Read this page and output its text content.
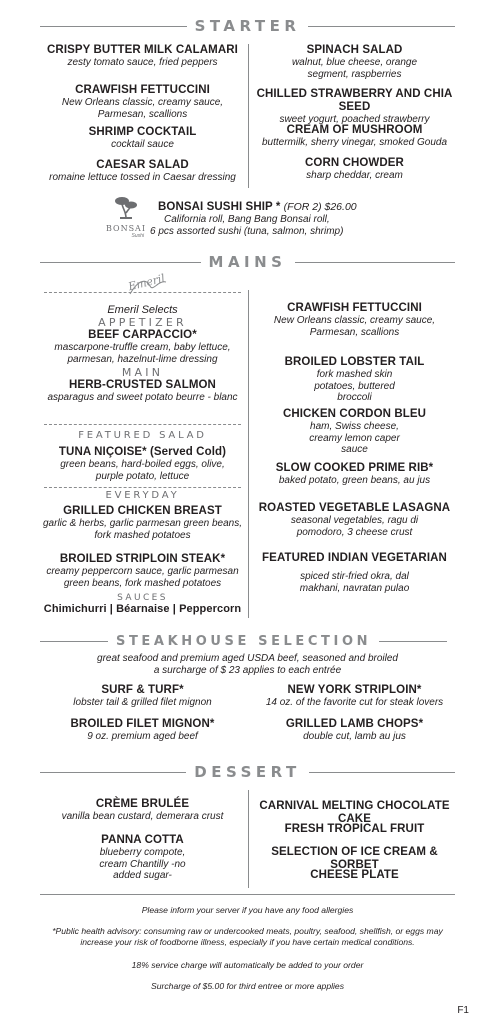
STARTER
CRISPY BUTTER MILK CALAMARI
zesty tomato sauce, fried peppers
CRAWFISH FETTUCCINI
New Orleans classic, creamy sauce, Parmesan, scallions
SHRIMP COCKTAIL
cocktail sauce
CAESAR SALAD
romaine lettuce tossed in Caesar dressing
SPINACH SALAD
walnut, blue cheese, orange segment, raspberries
CHILLED STRAWBERRY AND CHIA SEED
sweet yogurt, poached strawberry
CREAM OF MUSHROOM
buttermilk, sherry vinegar, smoked Gouda
CORN CHOWDER
sharp cheddar, cream
BONSAI
Sushi
BONSAI SUSHI SHIP * (FOR 2) $26.00
California roll, Bang Bang Bonsai roll,
6 pcs assorted sushi (tuna, salmon, shrimp)
MAINS
Emeril
Emeril Selects
APPETIZER
BEEF CARPACCIO*
mascarpone-truffle cream, baby lettuce, parmesan, hazelnut-lime dressing
MAIN
HERB-CRUSTED SALMON
asparagus and sweet potato beurre - blanc
FEATURED SALAD
TUNA NIÇOISE* (Served Cold)
green beans, hard-boiled eggs, olive, purple potato, lettuce
EVERYDAY
GRILLED CHICKEN BREAST
garlic & herbs, garlic parmesan green beans, fork mashed potatoes
BROILED STRIPLOIN STEAK*
creamy peppercorn sauce, garlic parmesan green beans, fork mashed potatoes
SAUCES
Chimichurri | Béarnaise | Peppercorn
CRAWFISH FETTUCCINI
New Orleans classic, creamy sauce, Parmesan, scallions
BROILED LOBSTER TAIL
fork mashed skin potatoes, buttered broccoli
CHICKEN CORDON BLEU
ham, Swiss cheese, creamy lemon caper sauce
SLOW COOKED PRIME RIB*
baked potato, green beans, au jus
ROASTED VEGETABLE LASAGNA
seasonal vegetables, ragu di pomodoro, 3 cheese crust
FEATURED INDIAN VEGETARIAN
spiced stir-fried okra, dal makhani, navratan pulao
STEAKHOUSE SELECTION
great seafood and premium aged USDA beef, seasoned and broiled
a surcharge of $ 23 applies to each entrée
SURF & TURF*
lobster tail & grilled filet mignon
BROILED FILET MIGNON*
9 oz. premium aged beef
NEW YORK STRIPLOIN*
14 oz. of the favorite cut for steak lovers
GRILLED LAMB CHOPS*
double cut, lamb au jus
DESSERT
CRÈME BRULÉE
vanilla bean custard, demerara crust
PANNA COTTA
blueberry compote, cream Chantilly -no added sugar-
CARNIVAL MELTING CHOCOLATE CAKE
FRESH TROPICAL FRUIT
SELECTION OF ICE CREAM & SORBET
CHEESE PLATE
Please inform your server if you have any food allergies
*Public health advisory: consuming raw or undercooked meats, poultry, seafood, shellfish, or eggs may
increase your risk of foodborne illness, especially if you have certain medical conditions.
18% service charge will automatically be added to your order
Surcharge of $5.00 for third entree or more applies
F1
